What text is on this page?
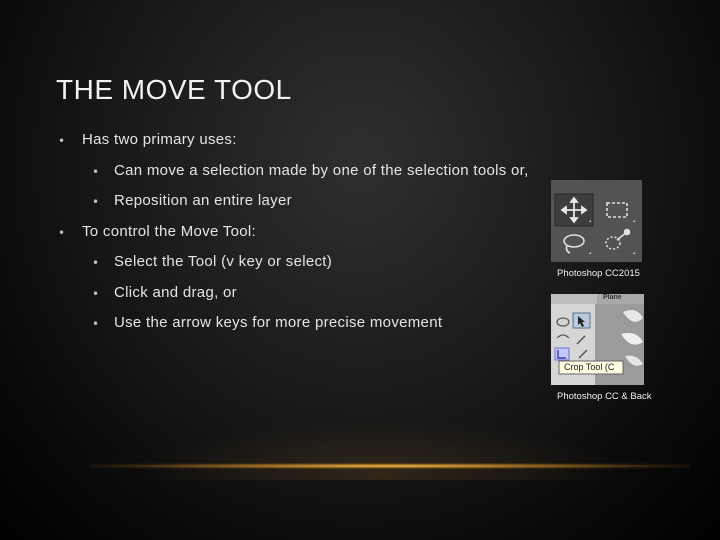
THE MOVE TOOL
• Has two primary uses:
• Can move a selection made by one of the selection tools or,
• Reposition an entire layer
• To control the Move Tool:
• Select the Tool (v key or select)
• Click and drag, or
• Use the arrow keys for more precise movement
Photoshop CC2015
Crop Tool (C
Plane
Photoshop CC & Back
